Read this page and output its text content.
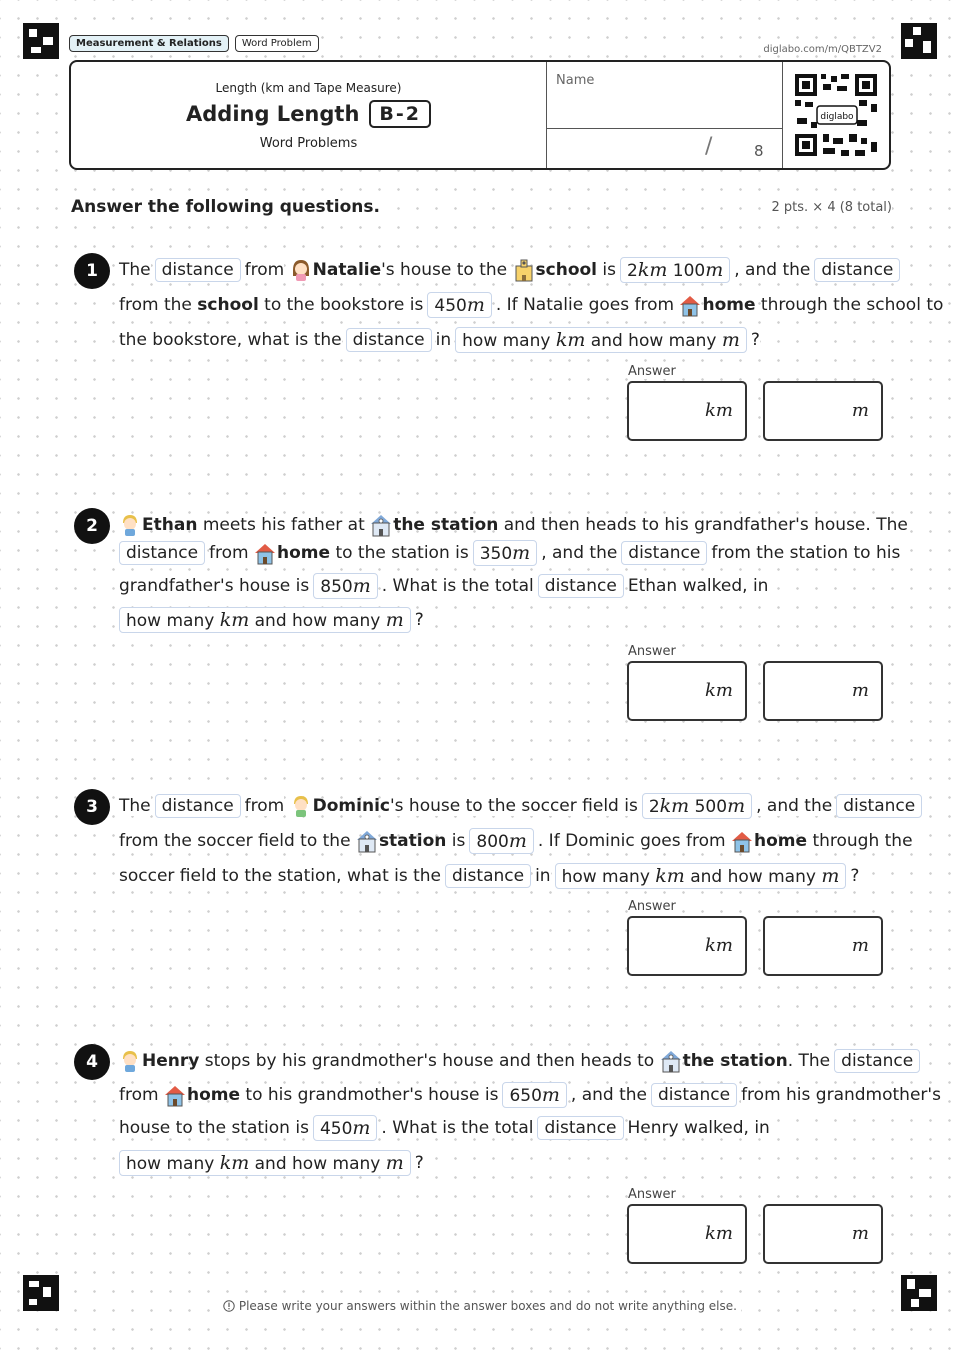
Measurement & Relations	Word Problem
diglabo.com/m/QBTZV2
Length (km and Tape Measure)
Adding Length	B-2
Word Problems
Name
/	8
diglabo
Answer the following questions.	2 pts. × 4 (8 total)
1	The distance from
Natalie 's house to the
school
is 2km 100m , and the distance
from the
school
to the bookstore is 450m . If Natalie goes from
home
through the school to
the bookstore, what is the distance in how many km and how many m ?
Answer
km	m
2	Ethan
meets his father at
the station
and then heads to his grandfather's house. The
distance from
home
to the station is 350m , and the distance from the station to his
grandfather's house is 850m . What is the total distance Ethan walked, in
how many km and how many m ?
Answer
km	m
3	The distance from
Dominic 's house to the soccer field is 2km 500m , and the distance
from the soccer field to the
station
is 800m . If Dominic goes from
home
through the
soccer field to the station, what is the distance in how many km and how many m ?
Answer
km	m
4	Henry
stops by his grandmother's house and then heads to
the station . The distance
from
home
to his grandmother's house is 650m , and the distance from his grandmother's
house to the station is 450m . What is the total distance Henry walked, in
how many km and how many m ?
Answer
km	m
Please write your answers within the answer boxes and do not write anything else.
